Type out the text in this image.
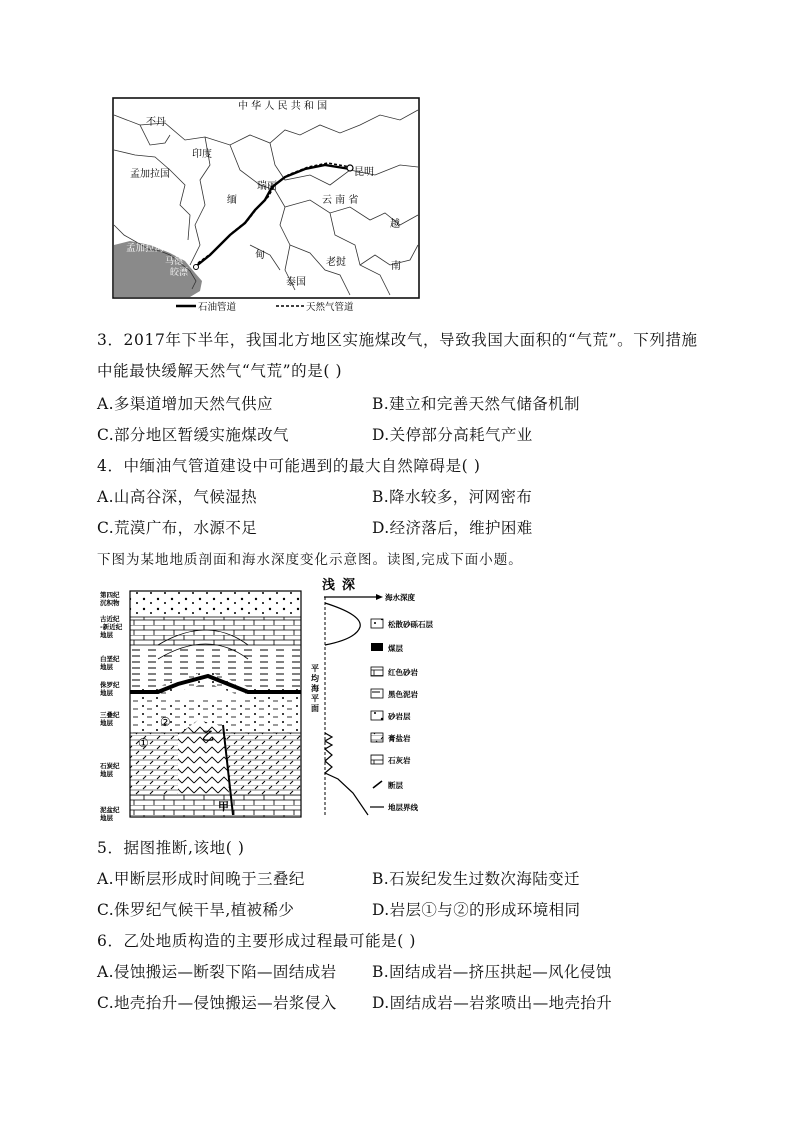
中 华 人 民 共 和 国
不丹
印度
孟加拉国
缅
瑞丽
昆明
云 南 省
越
甸
老挝	南
泰国
孟加拉湾
马德
皎漂
石油管道	天然气管道
3．2017年下半年，我国北方地区实施煤改气，导致我国大面积的“气荒”。下列措施
中能最快缓解天然气“气荒”的是( )
A.多渠道增加天然气供应	B.建立和完善天然气储备机制
C.部分地区暂缓实施煤改气	D.关停部分高耗气产业
4．中缅油气管道建设中可能遇到的最大自然障碍是( )
A.山高谷深，气候湿热	B.降水较多，河网密布
C.荒漠广布，水源不足	D.经济落后，维护困难
下图为某地地质剖面和海水深度变化示意图。读图,完成下面小题。
第四纪
沉积物
古近纪
-新近纪
地层
白垩纪
地层
侏罗纪
地层
三叠纪
地层
石炭纪
地层
泥盆纪
地层
①
②
乙
甲
浅 深
海水深度
平
均
海
平
面
平均海平面
松散砂砾石层
煤层
红色砂岩
黑色泥岩
砂岩层
膏盐岩
石灰岩
断层
地层界线
5．据图推断,该地( )
A.甲断层形成时间晚于三叠纪	B.石炭纪发生过数次海陆变迁
C.侏罗纪气候干旱,植被稀少	D.岩层①与②的形成环境相同
6．乙处地质构造的主要形成过程最可能是( )
A.侵蚀搬运—断裂下陷—固结成岩 B.固结成岩—挤压拱起—风化侵蚀
C.地壳抬升—侵蚀搬运—岩浆侵入 D.固结成岩—岩浆喷出—地壳抬升
